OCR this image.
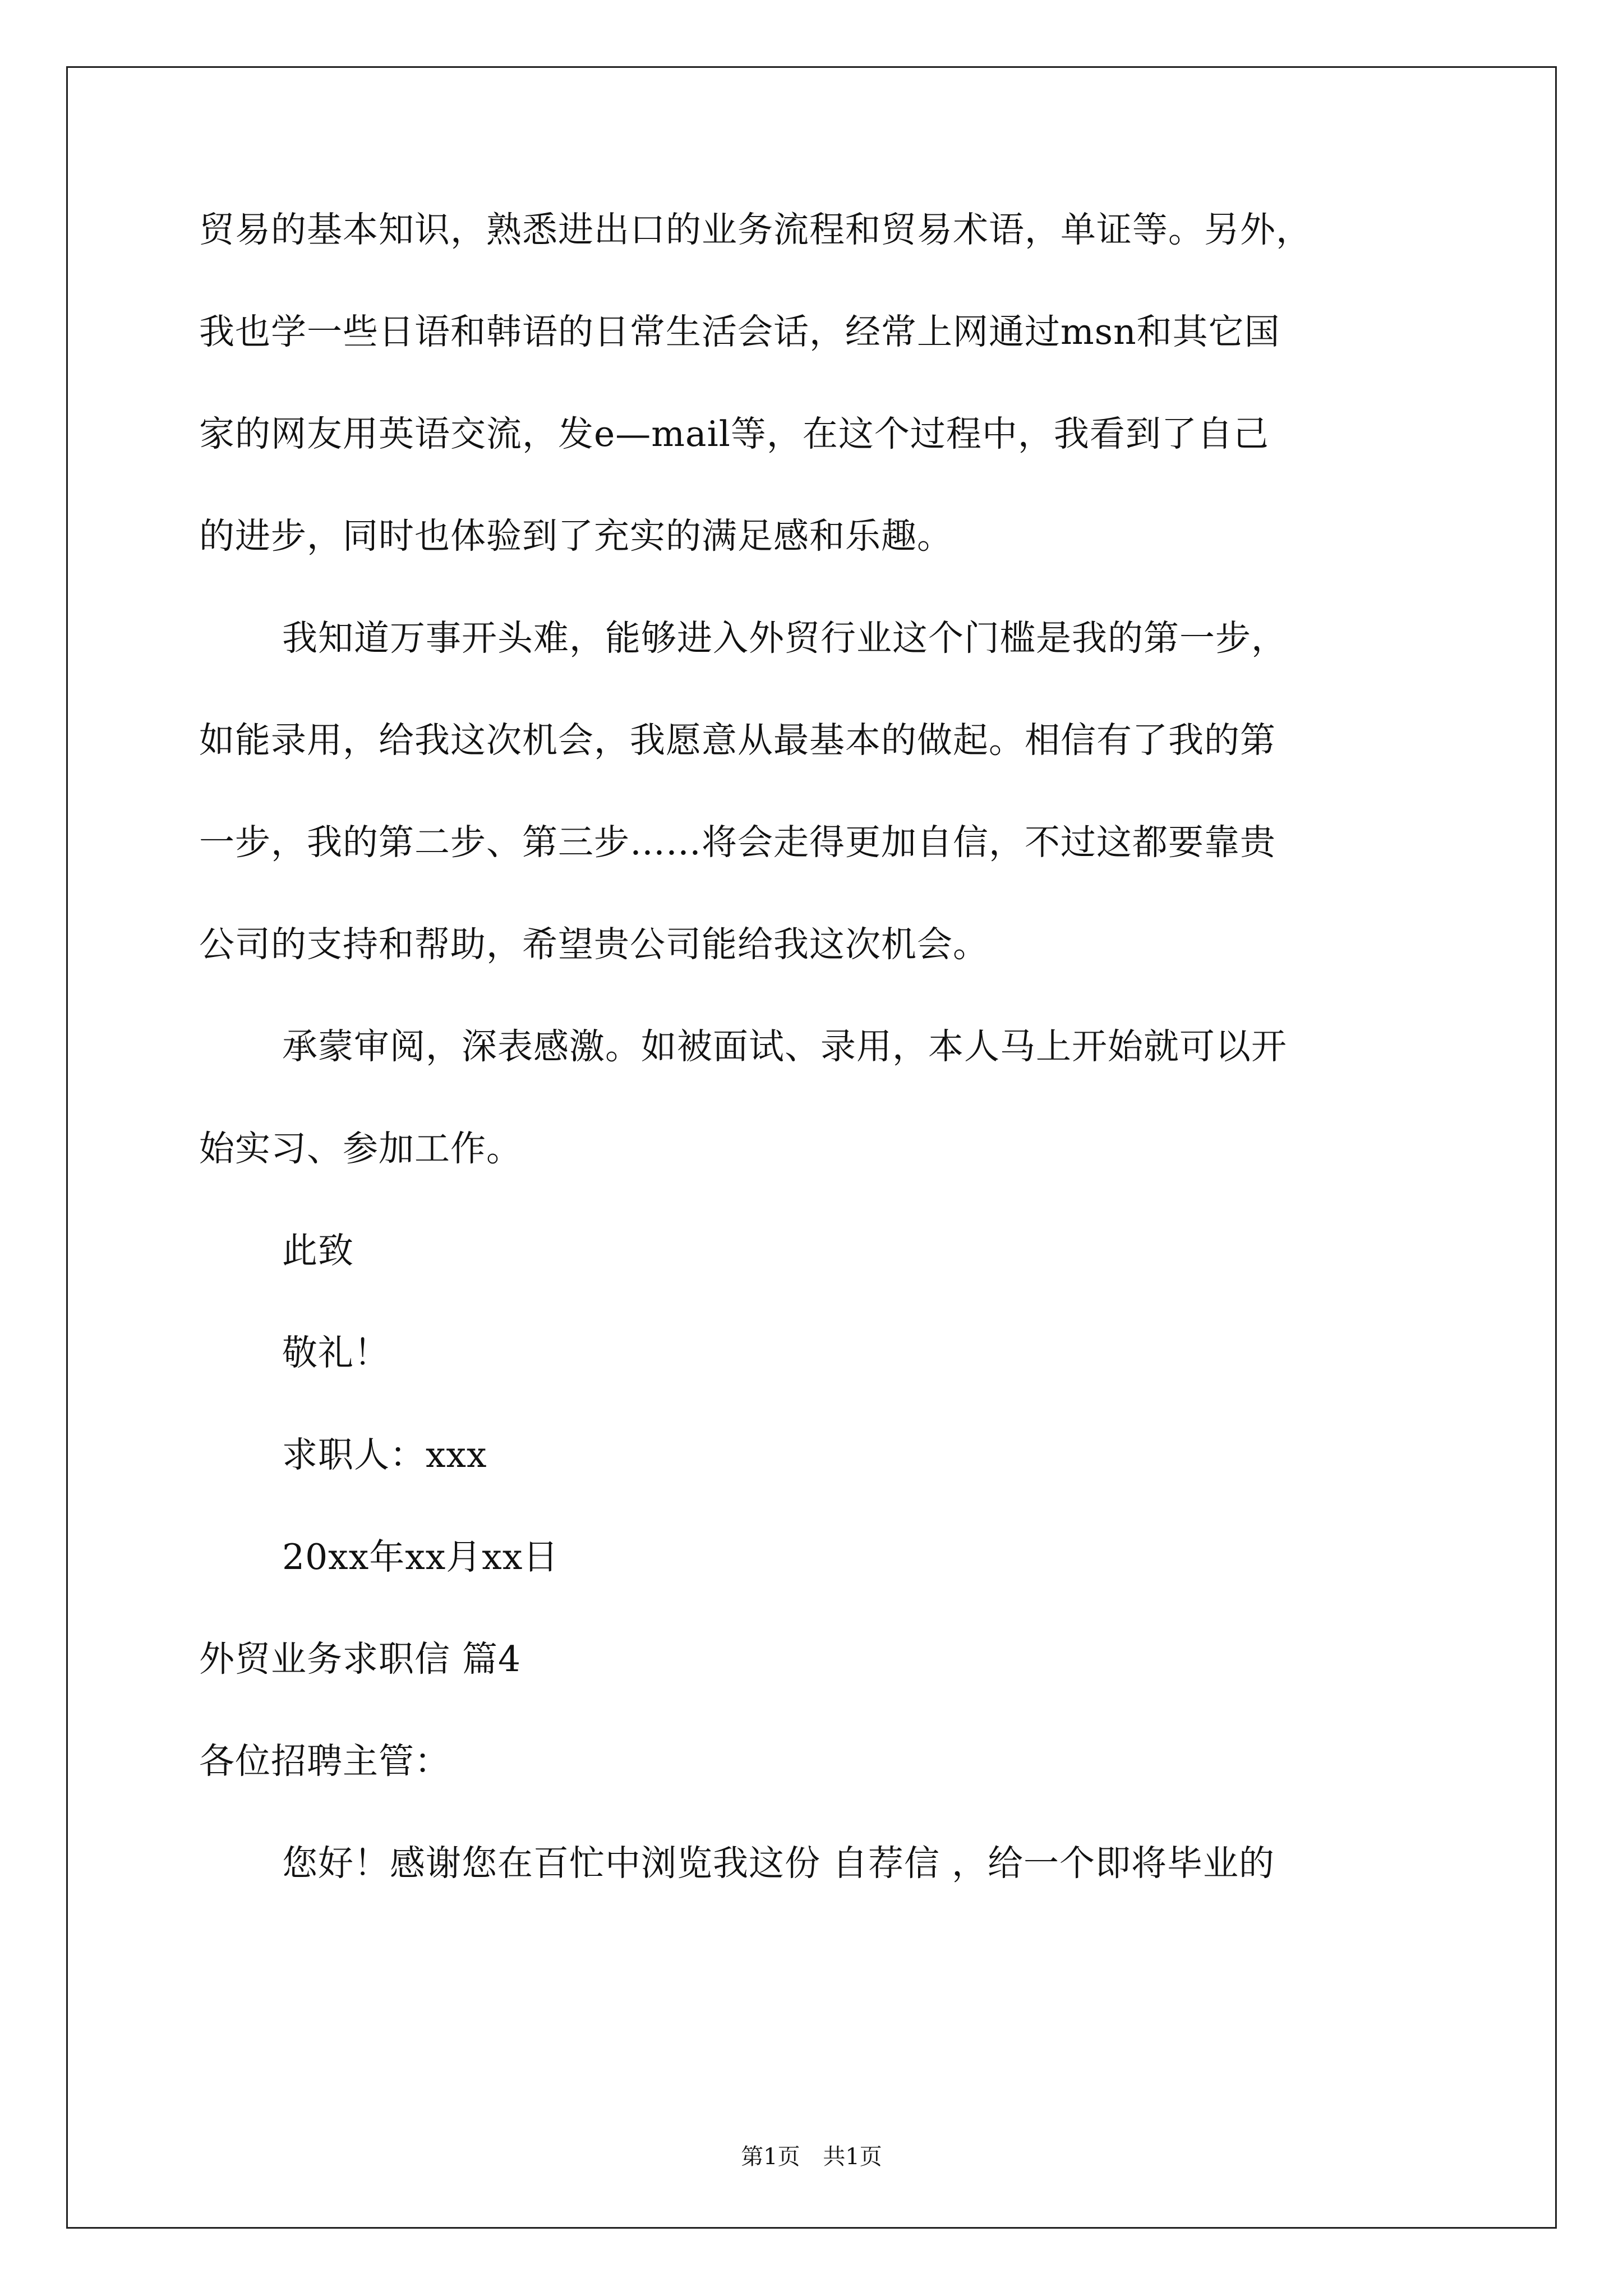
贸易的基本知识，熟悉进出口的业务流程和贸易术语，单证等。另外，
我也学一些日语和韩语的日常生活会话，经常上网通过msn和其它国
家的网友用英语交流，发e—mail等，在这个过程中，我看到了自己
的进步，同时也体验到了充实的满足感和乐趣。
我知道万事开头难，能够进入外贸行业这个门槛是我的第一步，
如能录用，给我这次机会，我愿意从最基本的做起。相信有了我的第
一步，我的第二步、第三步……将会走得更加自信，不过这都要靠贵
公司的支持和帮助，希望贵公司能给我这次机会。
承蒙审阅，深表感激。如被面试、录用，本人马上开始就可以开
始实习、参加工作。
此致
敬礼！
求职人：xxx
20xx年xx月xx日
外贸业务求职信 篇4
各位招聘主管：
您好！感谢您在百忙中浏览我这份 自荐信 ，给一个即将毕业的
第1页 共1页
